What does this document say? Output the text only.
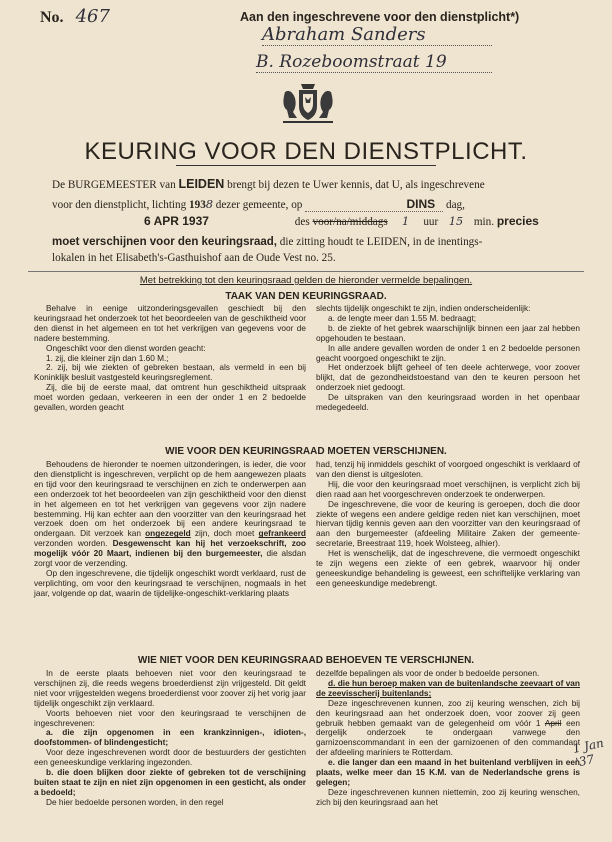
No. 467	Aan den ingeschrevene voor den dienstplicht*)
Abraham Sanders
B. Rozeboomstraat 19
KEURING VOOR DEN DIENSTPLICHT.
De BURGEMEESTER van LEIDEN brengt bij dezen te Uwer kennis, dat U, als ingeschrevene
voor den dienstplicht, lichting 1938 dezer gemeente, op	DINS dag,
6 APR 1937	des voor/na/middags 1 uur 15 min. precies
moet verschijnen voor den keuringsraad, die zitting houdt te LEIDEN, in de inentings-
lokalen in het Elisabeth's-Gasthuishof aan de Oude Vest no. 25.
Met betrekking tot den keuringsraad gelden de hieronder vermelde bepalingen.
TAAK VAN DEN KEURINGSRAAD.

Behalve in eenige uitzonderingsgevallen geschiedt bij den keuringsraad het onderzoek tot het beoordeelen van de geschiktheid voor den dienst in het algemeen en tot het verkrijgen van gegevens voor de nadere bestemming.

Ongeschikt voor den dienst worden geacht:

1. zij, die kleiner zijn dan 1.60 M.;

2. zij, bij wie ziekten of gebreken bestaan, als vermeld in een bij Koninklijk besluit vastgesteld keuringsreglement.

Zij, die bij de eerste maal, dat omtrent hun geschiktheid uitspraak moet worden gedaan, verkeeren in een der onder 1 en 2 bedoelde gevallen, worden geacht

slechts tijdelijk ongeschikt te zijn, indien onderscheidenlijk:

a. de lengte meer dan 1.55 M. bedraagt;

b. de ziekte of het gebrek waarschijnlijk binnen een jaar zal hebben opgehouden te bestaan.

In alle andere gevallen worden de onder 1 en 2 bedoelde personen geacht voorgoed ongeschikt te zijn.

Het onderzoek blijft geheel of ten deele achterwege, voor zoover blijkt, dat de gezondheidstoestand van den te keuren persoon het onderzoek niet gedoogt.

De uitspraken van den keuringsraad worden in het openbaar medegedeeld.

WIE VOOR DEN KEURINGSRAAD MOETEN VERSCHIJNEN.

Behoudens de hieronder te noemen uitzonderingen, is ieder, die voor den dienstplicht is ingeschreven, verplicht op de hem aangewezen plaats en tijd voor den keuringsraad te verschijnen en zich te onderwerpen aan een onderzoek tot het beoordeelen van zijn geschiktheid voor den dienst in het algemeen en tot het verkrijgen van gegevens voor zijn nadere bestemming. Hij kan echter aan den voorzitter van den keuringsraad het verzoek doen om het onderzoek bij een andere keuringsraad te ondergaan. Dit verzoek kan ongezegeld zijn, doch moet gefrankeerd verzonden worden. Desgewenscht kan hij het verzoekschrift, zoo mogelijk vóór 20 Maart, indienen bij den burgemeester, die alsdan zorgt voor de verzending.

Op den ingeschrevene, die tijdelijk ongeschikt wordt verklaard, rust de verplichting, om voor den keuringsraad te verschijnen, nogmaals in het jaar, volgende op dat, waarin de tijdelijke-ongeschikt-verklaring plaats

had, tenzij hij inmiddels geschikt of voorgoed ongeschikt is verklaard of van den dienst is uitgesloten.

Hij, die voor den keuringsraad moet verschijnen, is verplicht zich bij dien raad aan het voorgeschreven onderzoek te onderwerpen.

De ingeschrevene, die voor de keuring is geroepen, doch die door ziekte of wegens een andere geldige reden niet kan verschijnen, moet hiervan tijdig kennis geven aan den voorzitter van den keuringsraad of aan den burgemeester (afdeeling Militaire Zaken der gemeente-secretarie, Breestraat 119, hoek Wolsteeg, alhier).

Het is wenschelijk, dat de ingeschrevene, die vermoedt ongeschikt te zijn wegens een ziekte of een gebrek, waarvoor hij onder geneeskundige behandeling is geweest, een schriftelijke verklaring van een geneeskundige medebrengt.

WIE NIET VOOR DEN KEURINGSRAAD BEHOEVEN TE VERSCHIJNEN.

In de eerste plaats behoeven niet voor den keuringsraad te verschijnen zij, die reeds wegens broederdienst zijn vrijgesteld. Dit geldt niet voor vrijgestelden wegens broederdienst voor zoover zij het vorig jaar tijdelijk ongeschikt zijn verklaard.

Voorts behoeven niet voor den keuringsraad te verschijnen de ingeschrevenen:

a. die zijn opgenomen in een krankzinnigen-, idioten-, doofstommen- of blindengesticht;

Voor deze ingeschrevenen wordt door de bestuurders der gestichten een geneeskundige verklaring ingezonden.

b. die doen blijken door ziekte of gebreken tot de verschijning buiten staat te zijn en niet zijn opgenomen in een gesticht, als onder a bedoeld;

De hier bedoelde personen worden, in den regel

dezelfde bepalingen als voor de onder b bedoelde personen.

d. die hun beroep maken van de buitenlandsche zeevaart of van de zeevisscherij buitenlands;

Deze ingeschrevenen kunnen, zoo zij keuring wenschen, zich bij den keuringsraad aan het onderzoek doen, voor zoover zij geen gebruik hebben gemaakt van de gelegenheid om vóór 1 April een dergelijk onderzoek te ondergaan vanwege den garnizoenscommandant in een der garnizoenen of den commandant der afdeeling mariniers te Rotterdam.

e. die langer dan een maand in het buitenland verblijven in een plaats, welke meer dan 15 K.M. van de Nederlandsche grens is gelegen;

Deze ingeschrevenen kunnen niettemin, zoo zij keuring wenschen, zich bij den keuringsraad aan het

1 Jan '37
